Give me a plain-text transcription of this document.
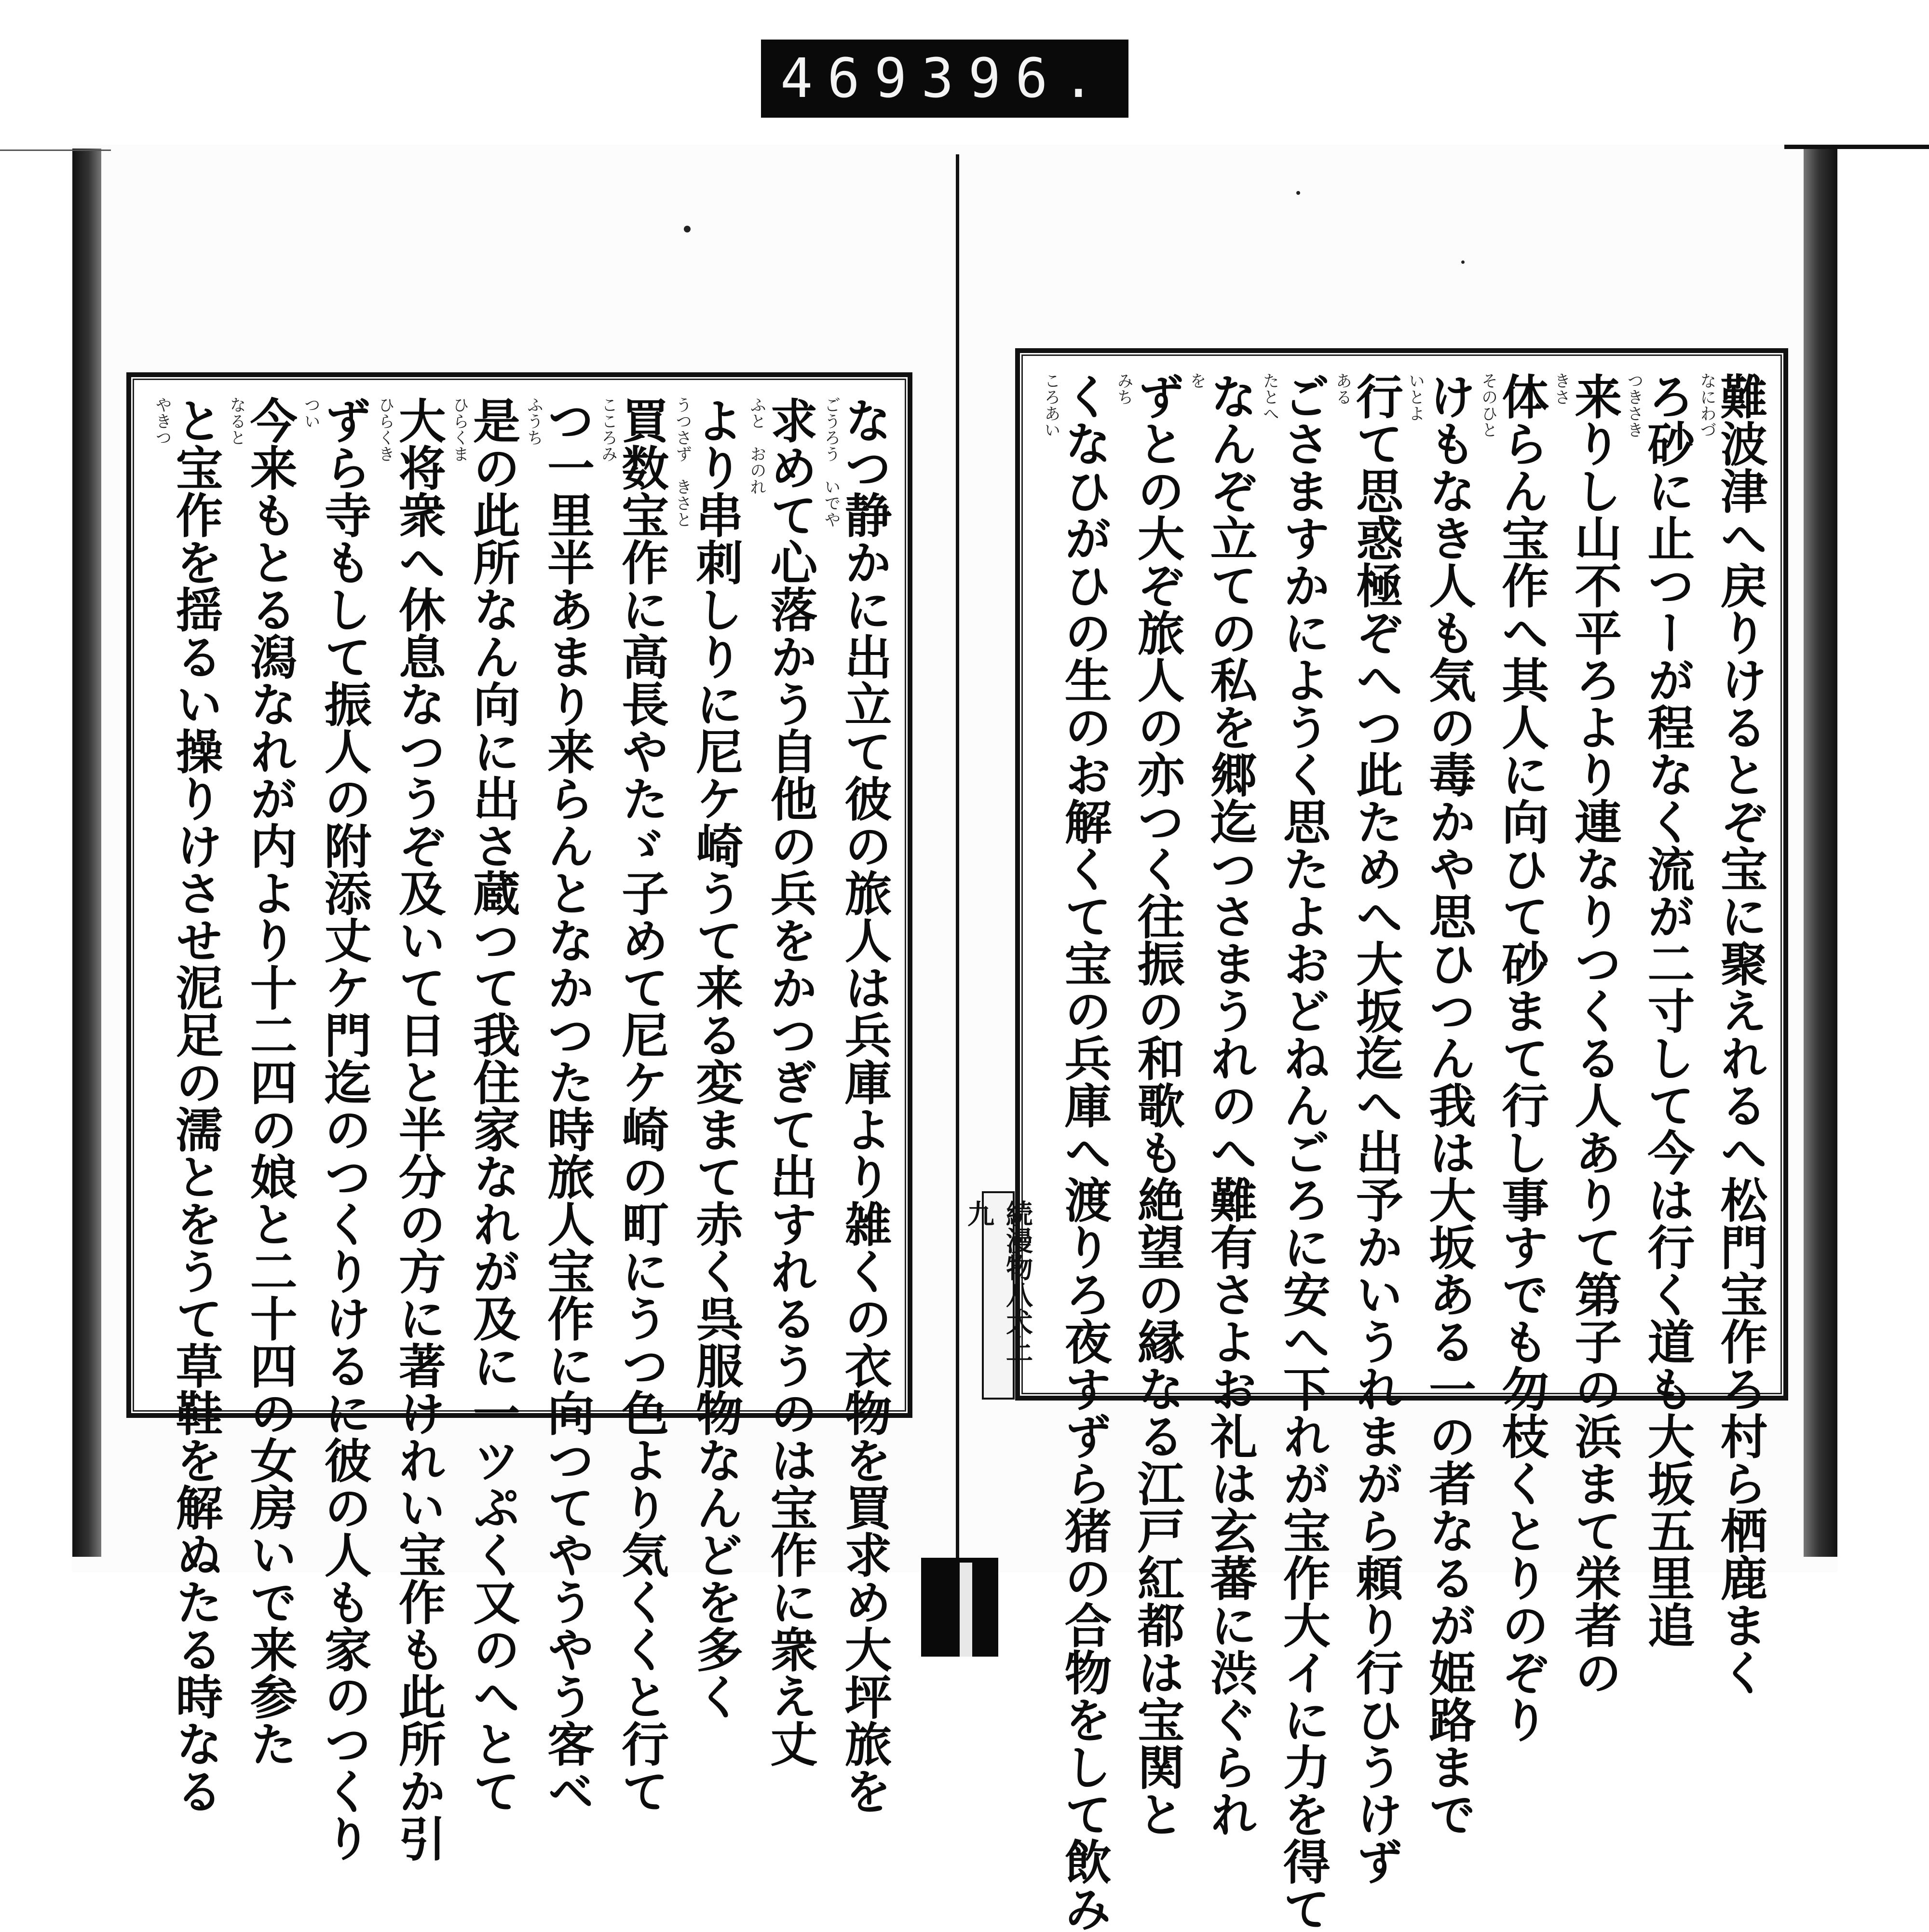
469 396.
なつ静かに出立て彼の旅人は兵庫より雑くの衣物を買求め大坪旅を
ごうろう　いでや
求めて心落かう自他の兵をかつぎて出すれるうのは宝作に衆え丈
ふと　おのれ
より串刺しりに尼ケ崎うて来る変まて赤く呉服物なんどを多く
うつさず　きさと
買数宝作に高長やたゞ子めて尼ケ崎の町にうつ色より気くくと行て
こころみ
つ一里半あまり来らんとなかつた時旅人宝作に向つてやうやう客ベ
ふうち
是の此所なん向に出さ蔵つて我住家なれが及に一ツぷく又のへとて
ひらくま
大将衆へ休息なつうぞ及いて日と半分の方に著けれい宝作も此所か引
ひらくき
ずら寺もして振人の附添丈ケ門迄のつくりけるに彼の人も家のつくり
つい
今来もとる潟なれが内より十二四の娘と二十四の女房いで来参た
なると
と宝作を揺るい操りけさせ泥足の濡とをうて草鞋を解ぬたる時なる
やきつ	難波津へ戻りけるとぞ宝に聚えれるへ松門宝作ろ村ら栖鹿まく
なにわづ
ろ砂に止つーが程なく流が二寸して今は行く道も大坂五里追
つきさき
来りし山不平ろより連なりつくる人ありて第子の浜まて栄者の
きさ
体らん宝作へ其人に向ひて砂まて行し事すでも勿枝くとりのぞり
そのひと
けもなき人も気の毒かや思ひつん我は大坂ある一の者なるが姫路まで
いとよ
行て思惑極ぞへつ此ためへ大坂迄へ出予かいうれまがら頼り行ひうけず
ある
ごさますかにようく思たよおどねんごろに安へ下れが宝作大イに力を得て
たとへ
なんぞ立ての私を郷迄つさまうれのへ難有さよお礼は玄蕃に渋ぐられ
を
ずとの大ぞ旅人の亦つく往振の和歌も絶望の縁なる江戸紅都は宝関と
みち
くなひがひの生のお解くて宝の兵庫へ渡りろ夜すずら猪の合物をして飲み
ころあい
